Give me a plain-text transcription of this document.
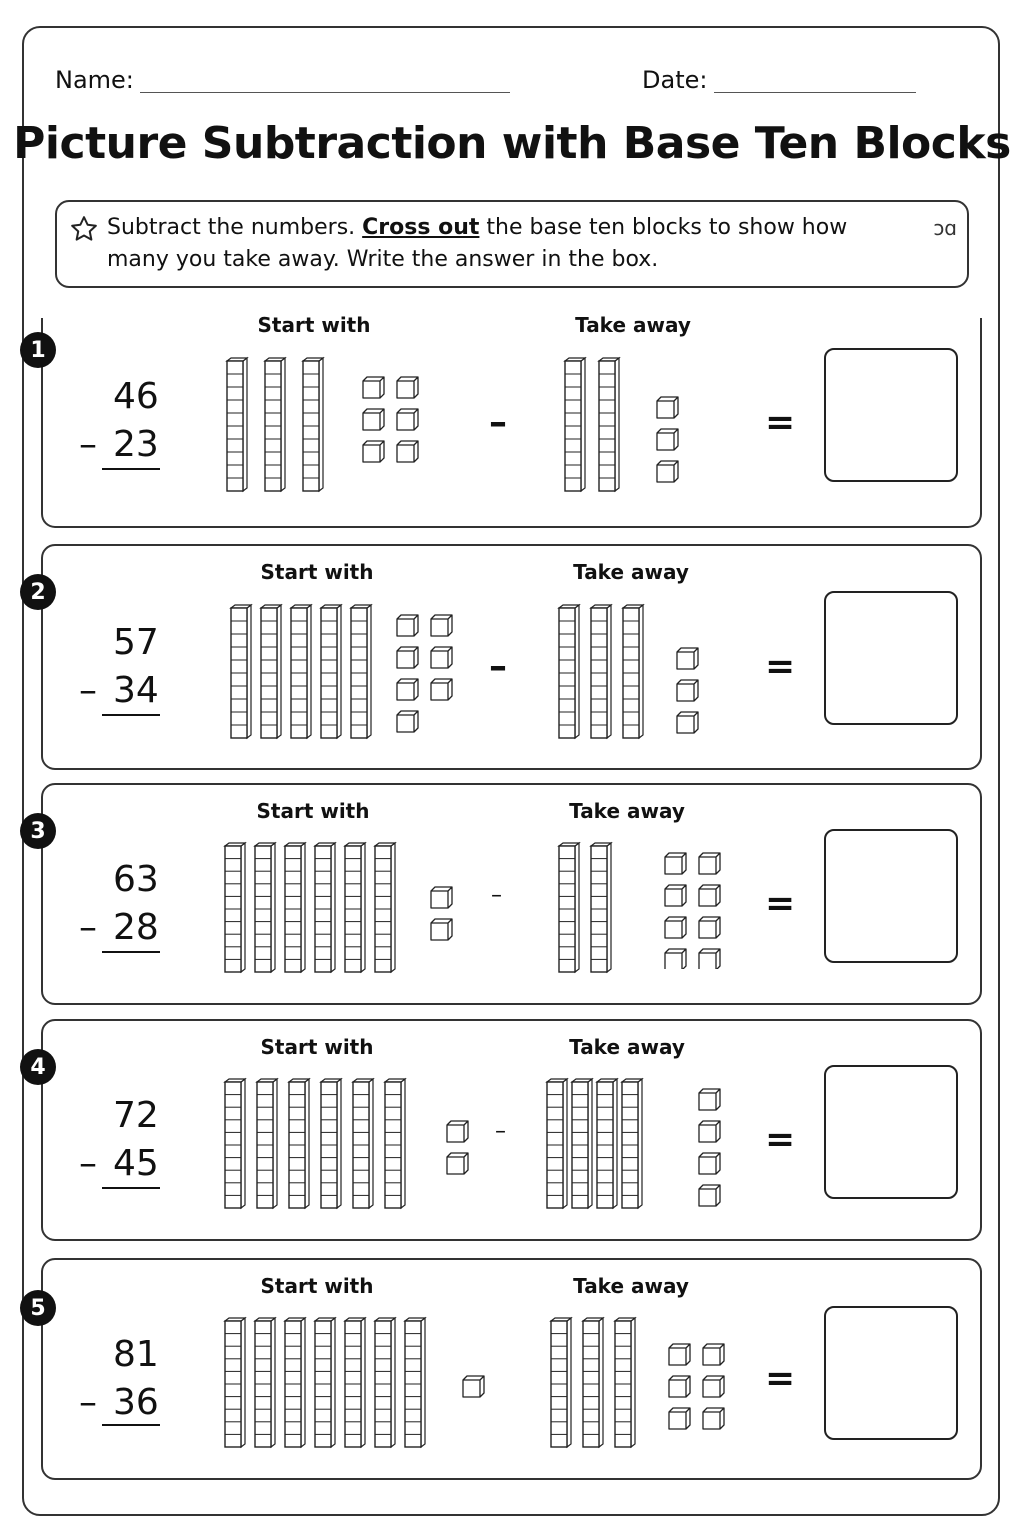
Name:	Date:
Picture Subtraction with Base Ten Blocks
Subtract the numbers. Cross out the base ten blocks to show how many you take away. Write the answer in the box.
ɔɑ
1
Start with	Take away
46
– 23
–	=
2
Start with	Take away
57
– 34
–	=
3
Start with	Take away
63
– 28
–	=
4
Start with	Take away
72
– 45
–	=
5
Start with	Take away
81
– 36
=
